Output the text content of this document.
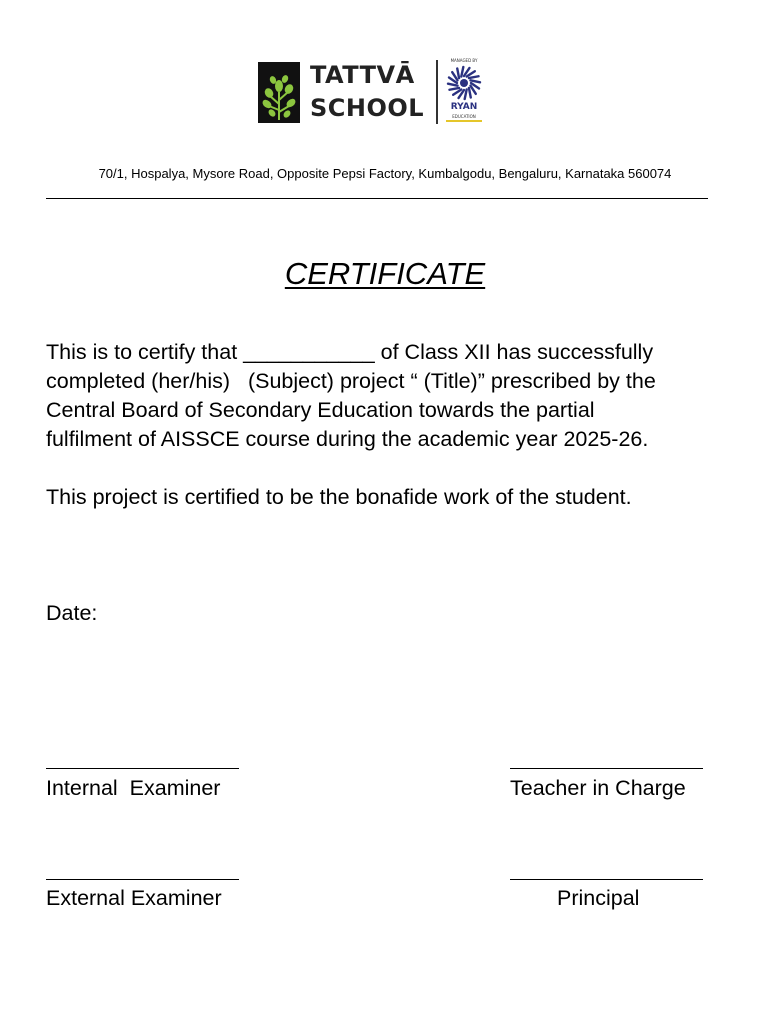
TATTVĀ
SCHOOL
MANAGED BY
RYAN
EDUCATION
70/1, Hospalya, Mysore Road, Opposite Pepsi Factory, Kumbalgodu, Bengaluru, Karnataka 560074
CERTIFICATE
This is to certify that ___________ of Class XII has successfully
completed (her/his)   (Subject) project “ (Title)” prescribed by the
Central Board of Secondary Education towards the partial
fulfilment of AISSCE course during the academic year 2025-26.
This project is certified to be the bonafide work of the student.
Date:
Internal  Examiner	Teacher in Charge
External Examiner	Principal
